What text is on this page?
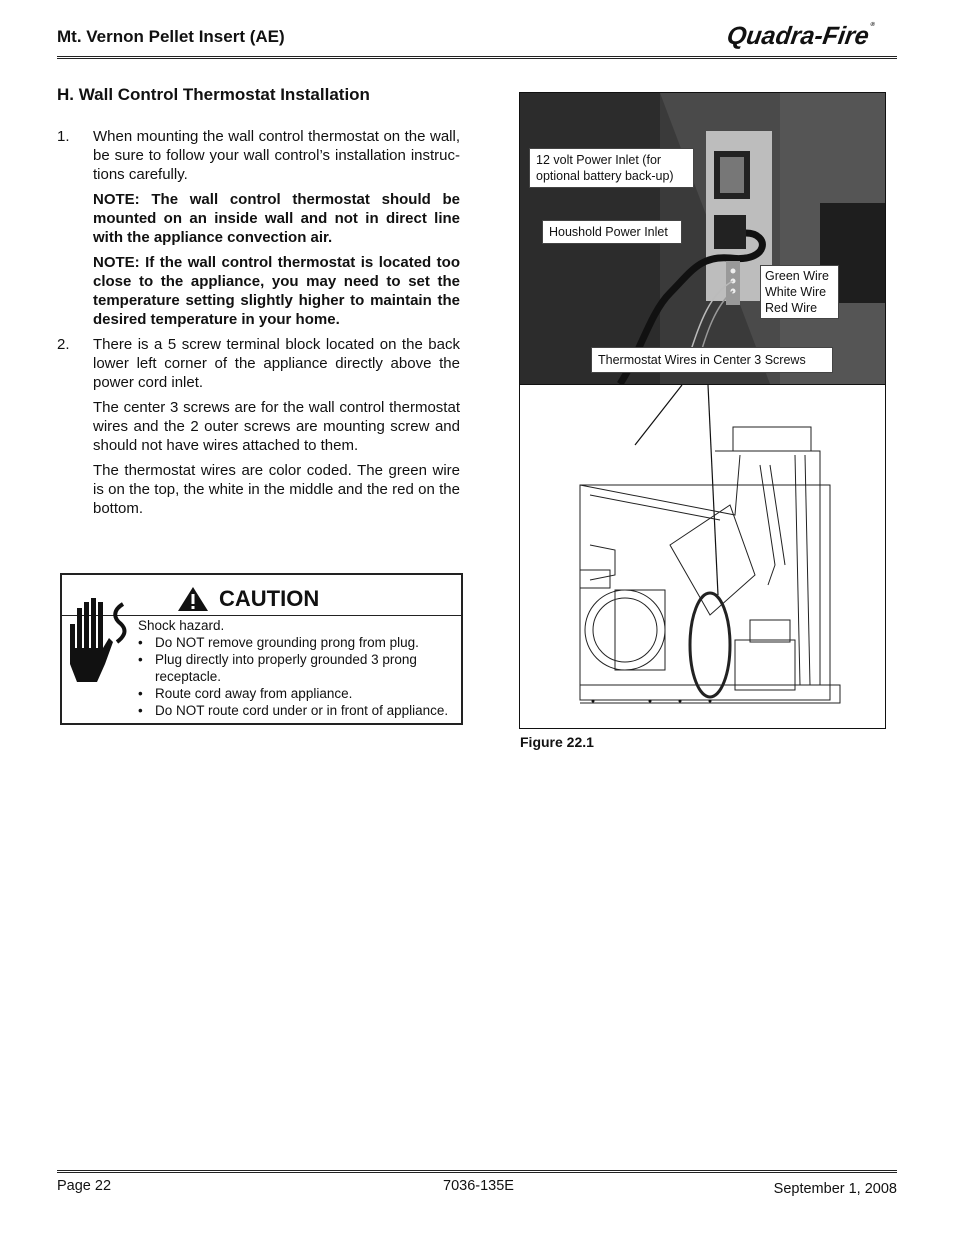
Mt. Vernon Pellet Insert (AE)	Quadra-Fire®
H. Wall Control Thermostat Installation
1.	When mounting the wall control thermostat on the wall, be sure to follow your wall control’s installation instruc-tions carefully.
NOTE: The wall control thermostat should be mounted on an inside wall and not in direct line with the appliance convection air.
NOTE: If the wall control thermostat is located too close to the appliance, you may need to set the temperature setting slightly higher to maintain the desired temperature in your home.
2.	There is a 5 screw terminal block located on the back lower left corner of the appliance directly above the power cord inlet.
The center 3 screws are for the wall control thermostat wires and the 2 outer screws are mounting screw and should not have wires attached to them.
The thermostat wires are color coded. The green wire is on the top, the white in the middle and the red on the bottom.
CAUTION
Shock hazard.
• Do NOT remove grounding prong from plug.
• Plug directly into properly grounded 3 prong receptacle.
• Route cord away from appliance.
• Do NOT route cord under or in front of appliance.
12 volt Power Inlet (for optional battery back-up)
Houshold Power Inlet
Green Wire
White Wire
Red Wire
Thermostat Wires in Center 3 Screws
Figure 22.1
Page 22	7036-135E	September 1, 2008
